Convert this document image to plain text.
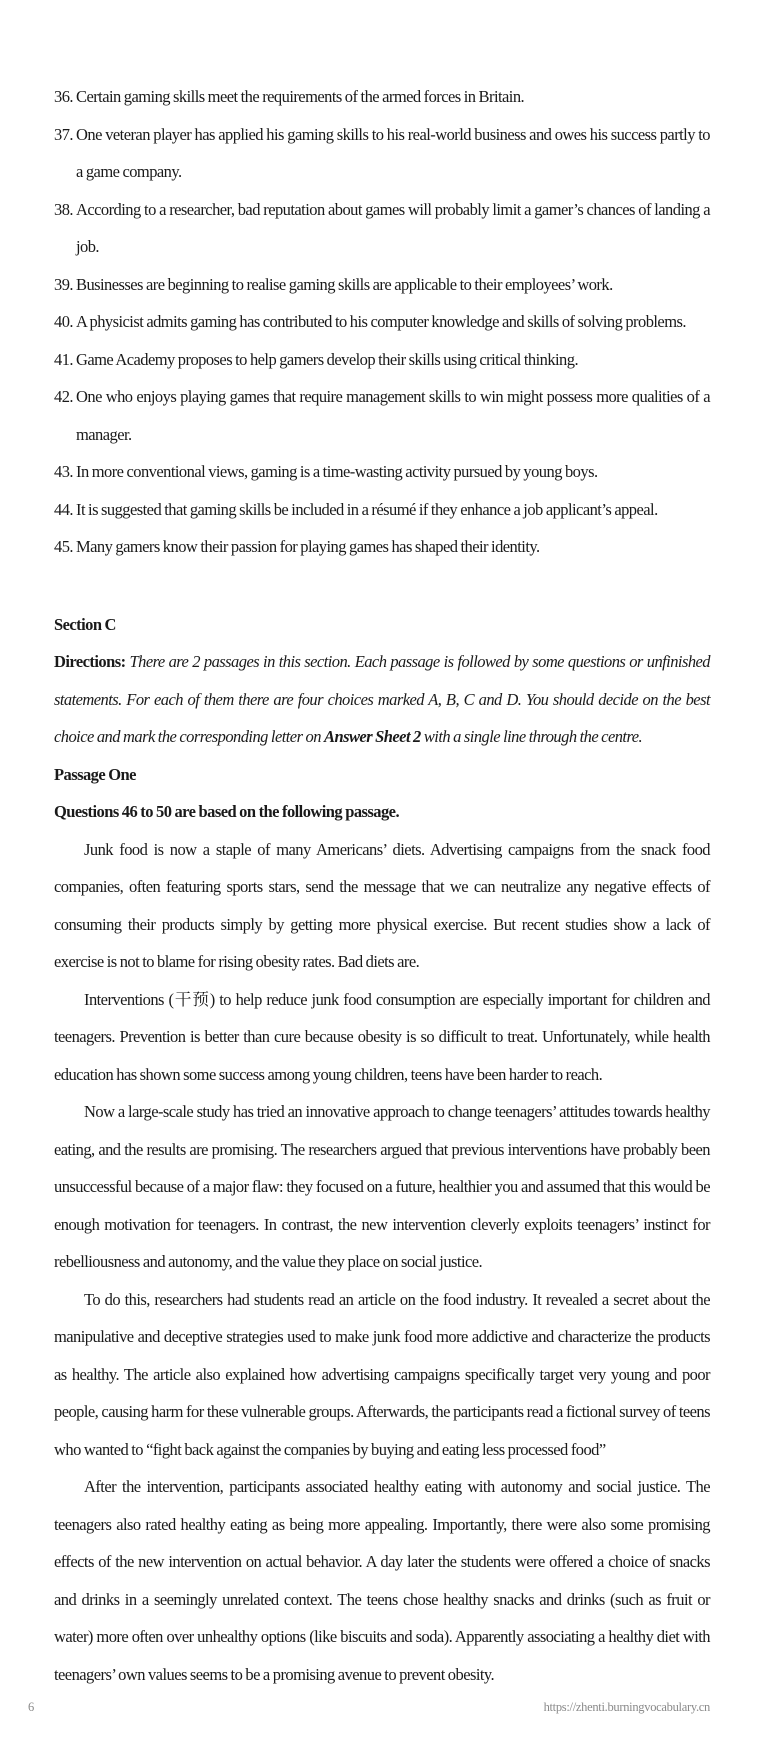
36. Certain gaming skills meet the requirements of the armed forces in Britain.
37. One veteran player has applied his gaming skills to his real-world business and owes his success partly to a game company.
38. According to a researcher, bad reputation about games will probably limit a gamer’s chances of landing a job.
39. Businesses are beginning to realise gaming skills are applicable to their employees’ work.
40. A physicist admits gaming has contributed to his computer knowledge and skills of solving problems.
41. Game Academy proposes to help gamers develop their skills using critical thinking.
42. One who enjoys playing games that require management skills to win might possess more qualities of a manager.
43. In more conventional views, gaming is a time-wasting activity pursued by young boys.
44. It is suggested that gaming skills be included in a résumé if they enhance a job applicant’s appeal.
45. Many gamers know their passion for playing games has shaped their identity.
Section C
Directions: There are 2 passages in this section. Each passage is followed by some questions or unfinished statements. For each of them there are four choices marked A, B, C and D. You should decide on the best choice and mark the corresponding letter on Answer Sheet 2 with a single line through the centre.
Passage One
Questions 46 to 50 are based on the following passage.

Junk food is now a staple of many Americans’ diets. Advertising campaigns from the snack food companies, often featuring sports stars, send the message that we can neutralize any negative effects of consuming their products simply by getting more physical exercise. But recent studies show a lack of exercise is not to blame for rising obesity rates. Bad diets are.

Interventions (干预) to help reduce junk food consumption are especially important for children and teenagers. Prevention is better than cure because obesity is so difficult to treat. Unfortunately, while health education has shown some success among young children, teens have been harder to reach.

Now a large-scale study has tried an innovative approach to change teenagers’ attitudes towards healthy eating, and the results are promising. The researchers argued that previous interventions have probably been unsuccessful because of a major flaw: they focused on a future, healthier you and assumed that this would be enough motivation for teenagers. In contrast, the new intervention cleverly exploits teenagers’ instinct for rebelliousness and autonomy, and the value they place on social justice.

To do this, researchers had students read an article on the food industry. It revealed a secret about the manipulative and deceptive strategies used to make junk food more addictive and characterize the products as healthy. The article also explained how advertising campaigns specifically target very young and poor people, causing harm for these vulnerable groups. Afterwards, the participants read a fictional survey of teens who wanted to “fight back against the companies by buying and eating less processed food”

After the intervention, participants associated healthy eating with autonomy and social justice. The teenagers also rated healthy eating as being more appealing. Importantly, there were also some promising effects of the new intervention on actual behavior. A day later the students were offered a choice of snacks and drinks in a seemingly unrelated context. The teens chose healthy snacks and drinks (such as fruit or water) more often over unhealthy options (like biscuits and soda). Apparently associating a healthy diet with teenagers’ own values seems to be a promising avenue to prevent obesity.

6	https://zhenti.burningvocabulary.cn
